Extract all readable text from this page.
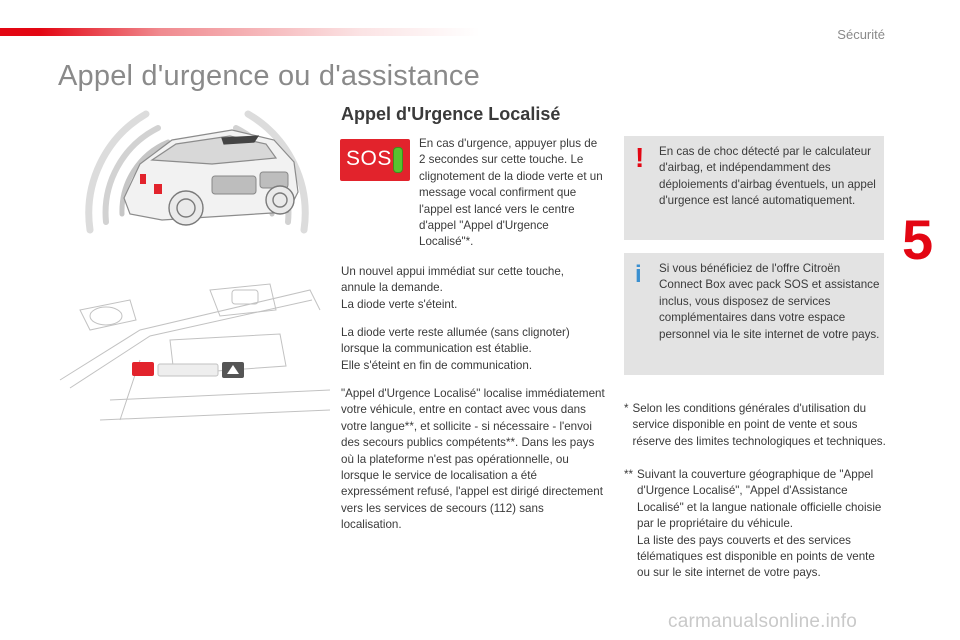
Sécurité
Appel d'urgence ou d'assistance
5
Appel d'Urgence Localisé
SOS

En cas d'urgence, appuyer plus de 2 secondes sur cette touche. Le clignotement de la diode verte et un message vocal confirment que l'appel est lancé vers le centre d'appel "Appel d'Urgence Localisé"*.

Un nouvel appui immédiat sur cette touche, annule la demande.

La diode verte s'éteint.

La diode verte reste allumée (sans clignoter) lorsque la communication est établie.

Elle s'éteint en fin de communication.

"Appel d'Urgence Localisé" localise immédiatement votre véhicule, entre en contact avec vous dans votre langue**, et sollicite - si nécessaire - l'envoi des secours publics compétents**. Dans les pays où la plateforme n'est pas opérationnelle, ou lorsque le service de localisation a été expressément refusé, l'appel est dirigé directement vers les services de secours (112) sans localisation.

! En cas de choc détecté par le calculateur d'airbag, et indépendamment des déploiements d'airbag éventuels, un appel d'urgence est lancé automatiquement.
i Si vous bénéficiez de l'offre Citroën Connect Box avec pack SOS et assistance inclus, vous disposez de services complémentaires dans votre espace personnel via le site internet de votre pays.
* Selon les conditions générales d'utilisation du service disponible en point de vente et sous réserve des limites technologiques et techniques.
** Suivant la couverture géographique de "Appel d'Urgence Localisé", "Appel d'Assistance Localisé" et la langue nationale officielle choisie par le propriétaire du véhicule.

La liste des pays couverts et des services télématiques est disponible en points de vente ou sur le site internet de votre pays.

carmanualsonline.info
